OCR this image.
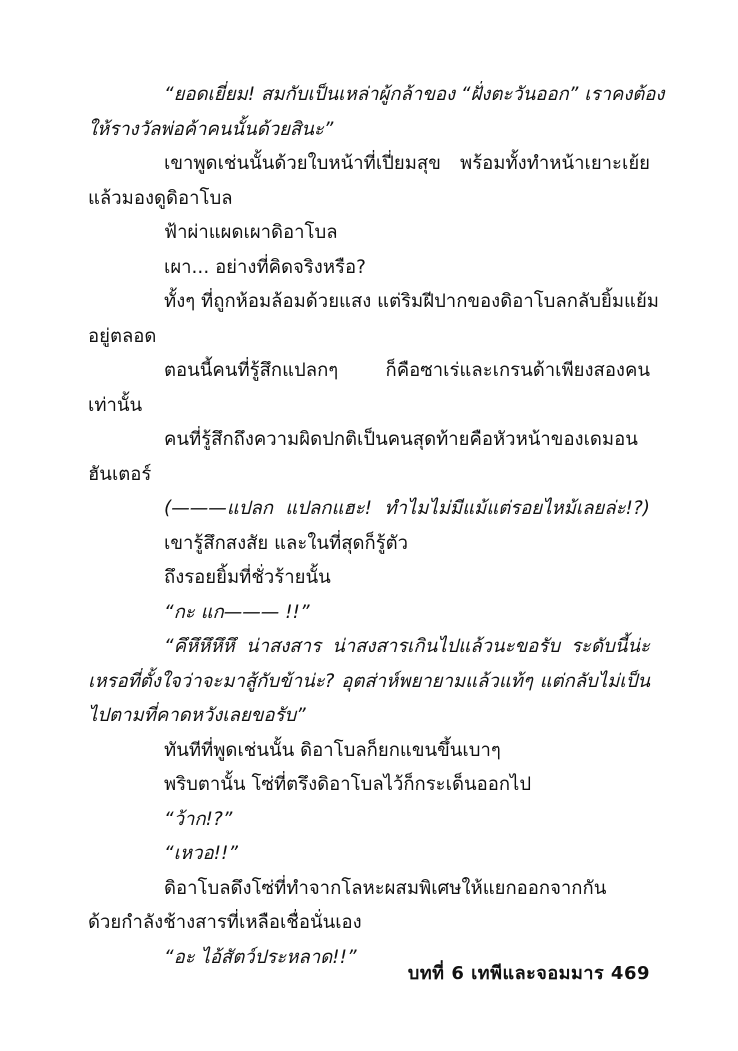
“ยอดเยี่ยม! สมกับเป็นเหล่าผู้กล้าของ “ฝั่งตะวันออก” เราคงต้อง
ให้รางวัลพ่อค้าคนนั้นด้วยสินะ”
เขาพูดเช่นนั้นด้วยใบหน้าที่เปี่ยมสุข พร้อมทั้งทำหน้าเยาะเย้ย
แล้วมองดูดิอาโบล
ฟ้าผ่าแผดเผาดิอาโบล
เผา... อย่างที่คิดจริงหรือ?
ทั้งๆ ที่ถูกห้อมล้อมด้วยแสง แต่ริมฝีปากของดิอาโบลกลับยิ้มแย้ม
อยู่ตลอด
ตอนนี้คนที่รู้สึกแปลกๆ ก็คือซาเร่และเกรนด้าเพียงสองคน
เท่านั้น
คนที่รู้สึกถึงความผิดปกติเป็นคนสุดท้ายคือหัวหน้าของเดมอน
ฮันเตอร์
(———แปลก แปลกแฮะ! ทำไมไม่มีแม้แต่รอยไหม้เลยล่ะ!?)
เขารู้สึกสงสัย และในที่สุดก็รู้ตัว
ถึงรอยยิ้มที่ชั่วร้ายนั้น
“กะ แก——— !!”
“คึหึหึหึหึ น่าสงสาร น่าสงสารเกินไปแล้วนะขอรับ ระดับนี้น่ะ
เหรอที่ตั้งใจว่าจะมาสู้กับข้าน่ะ? อุตส่าห์พยายามแล้วแท้ๆ แต่กลับไม่เป็น
ไปตามที่คาดหวังเลยขอรับ”
ทันทีที่พูดเช่นนั้น ดิอาโบลก็ยกแขนขึ้นเบาๆ
พริบตานั้น โซ่ที่ตรึงดิอาโบลไว้ก็กระเด็นออกไป
“ว้าก!?”
“เหวอ!!”
ดิอาโบลดึงโซ่ที่ทำจากโลหะผสมพิเศษให้แยกออกจากกัน
ด้วยกำลังช้างสารที่เหลือเชื่อนั่นเอง
“อะ ไอ้สัตว์ประหลาด!!”
บทที่ 6 เทพีและจอมมาร 469
